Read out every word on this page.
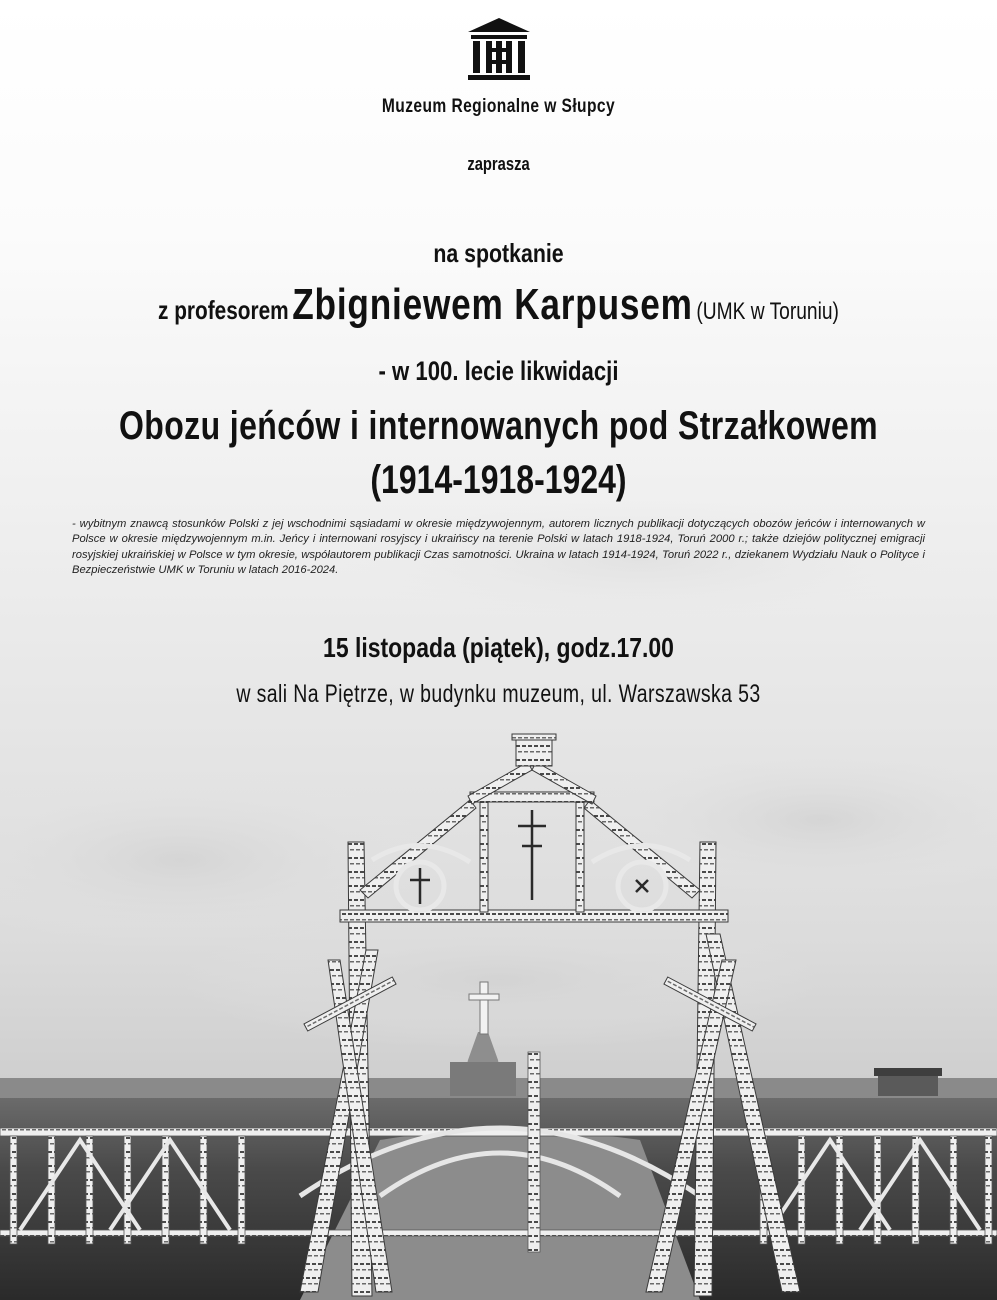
Muzeum Regionalne w Słupcy
zaprasza
na spotkanie
z profesorem Zbigniewem Karpusem (UMK w Toruniu)
- w 100. lecie likwidacji
Obozu jeńców i internowanych pod Strzałkowem
(1914-1918-1924)
- wybitnym znawcą stosunków Polski z jej wschodnimi sąsiadami w okresie międzywojennym, autorem licznych publikacji dotyczących obozów jeńców i internowanych w Polsce w okresie międzywojennym m.in. Jeńcy i internowani rosyjscy i ukraińscy na terenie Polski w latach 1918-1924, Toruń 2000 r.; także dziejów politycznej emigracji rosyjskiej ukraińskiej w Polsce w tym okresie, współautorem publikacji Czas samotności. Ukraina w latach 1914-1924, Toruń 2022 r., dziekanem Wydziału Nauk o Polityce i Bezpieczeństwie UMK w Toruniu w latach 2016-2024.
15 listopada (piątek), godz.17.00
w sali Na Piętrze, w budynku muzeum, ul. Warszawska 53
